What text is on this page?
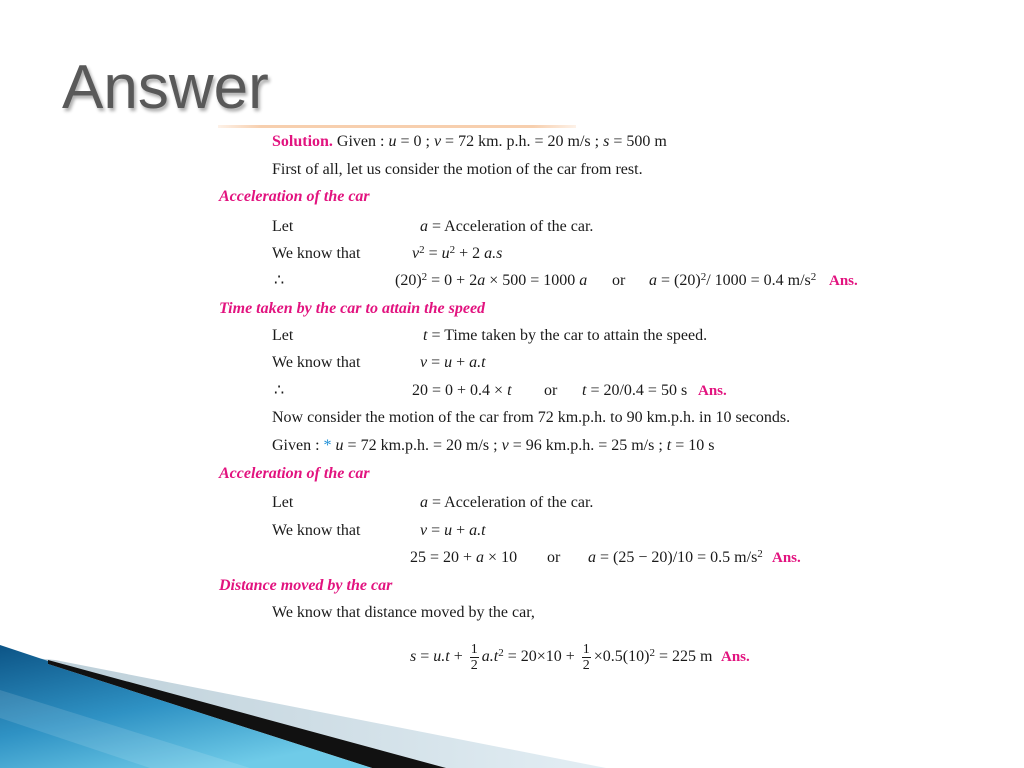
Answer
Solution. Given : u = 0 ; v = 72 km. p.h. = 20 m/s ; s = 500 m
First of all, let us consider the motion of the car from rest.
Acceleration of the car
Let	a = Acceleration of the car.
We know that	v 2 = u 2 + 2 a.s
∴	(20) 2 = 0 + 2 a × 500 = 1000 a or a = (20) 2 / 1000 = 0.4 m/s 2 Ans.
Time taken by the car to attain the speed
Let	t = Time taken by the car to attain the speed.
We know that	v = u + a.t
∴	20 = 0 + 0.4 × t or t = 20/0.4 = 50 s Ans.
Now consider the motion of the car from 72 km.p.h. to 90 km.p.h. in 10 seconds.
Given : * u = 72 km.p.h. = 20 m/s ; v = 96 km.p.h. = 25 m/s ; t = 10 s
Acceleration of the car
Let	a = Acceleration of the car.
We know that	v = u + a.t
25 = 20 + a × 10 or a = (25 − 20)/10 = 0.5 m/s 2 Ans.
Distance moved by the car
We know that distance moved by the car,
$s = u.t + \frac{1}{2} a.t$ $2 = 20\times 10 + \frac{1}{2} \times 0.5(10) 2 = 225$ m Ans.
